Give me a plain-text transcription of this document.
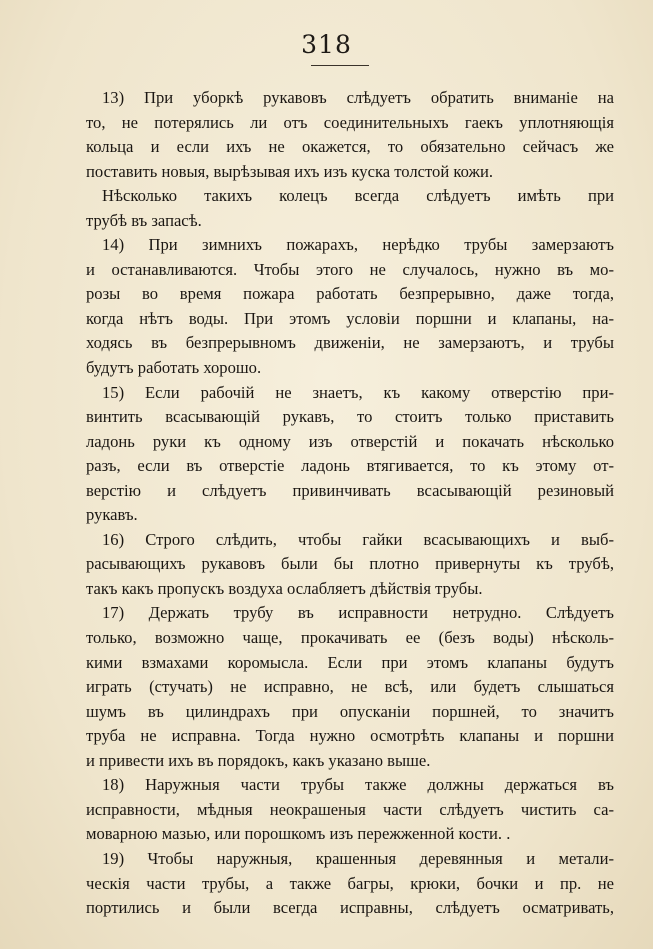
318
13) При уборкѣ рукавовъ слѣдуетъ обратить вниманіе на
то, не потерялись ли отъ соединительныхъ гаекъ уплотняющія
кольца и если ихъ не окажется, то обязательно сейчасъ же
поставить новыя, вырѣзывая ихъ изъ куска толстой кожи.
Нѣсколько такихъ колецъ всегда слѣдуетъ имѣть при
трубѣ въ запасѣ.
14) При зимнихъ пожарахъ, нерѣдко трубы замерзаютъ
и останавливаются. Чтобы этого не случалось, нужно въ мо-
розы во время пожара работать безпрерывно, даже тогда,
когда нѣтъ воды. При этомъ условіи поршни и клапаны, на-
ходясь въ безпрерывномъ движеніи, не замерзаютъ, и трубы
будутъ работать хорошо.
15) Если рабочій не знаетъ, къ какому отверстію при-
винтить всасывающій рукавъ, то стоитъ только приставить
ладонь руки къ одному изъ отверстій и покачать нѣсколько
разъ, если въ отверстіе ладонь втягивается, то къ этому от-
верстію и слѣдуетъ привинчивать всасывающій резиновый
рукавъ.
16) Строго слѣдить, чтобы гайки всасывающихъ и выб-
расывающихъ рукавовъ были бы плотно привернуты къ трубѣ,
такъ какъ пропускъ воздуха ослабляетъ дѣйствія трубы.
17) Держать трубу въ исправности нетрудно. Слѣдуетъ
только, возможно чаще, прокачивать ее (безъ воды) нѣсколь-
кими взмахами коромысла. Если при этомъ клапаны будутъ
играть (стучать) не исправно, не всѣ, или будетъ слышаться
шумъ въ цилиндрахъ при опусканіи поршней, то значитъ
труба не исправна. Тогда нужно осмотрѣть клапаны и поршни
и привести ихъ въ порядокъ, какъ указано выше.
18) Наружныя части трубы также должны держаться въ
исправности, мѣдныя неокрашеныя части слѣдуетъ чистить са-
моварною мазью, или порошкомъ изъ пережженной кости. .
19) Чтобы наружныя, крашенныя деревянныя и метали-
ческія части трубы, а также багры, крюки, бочки и пр. не
портились и были всегда исправны, слѣдуетъ осматривать,
